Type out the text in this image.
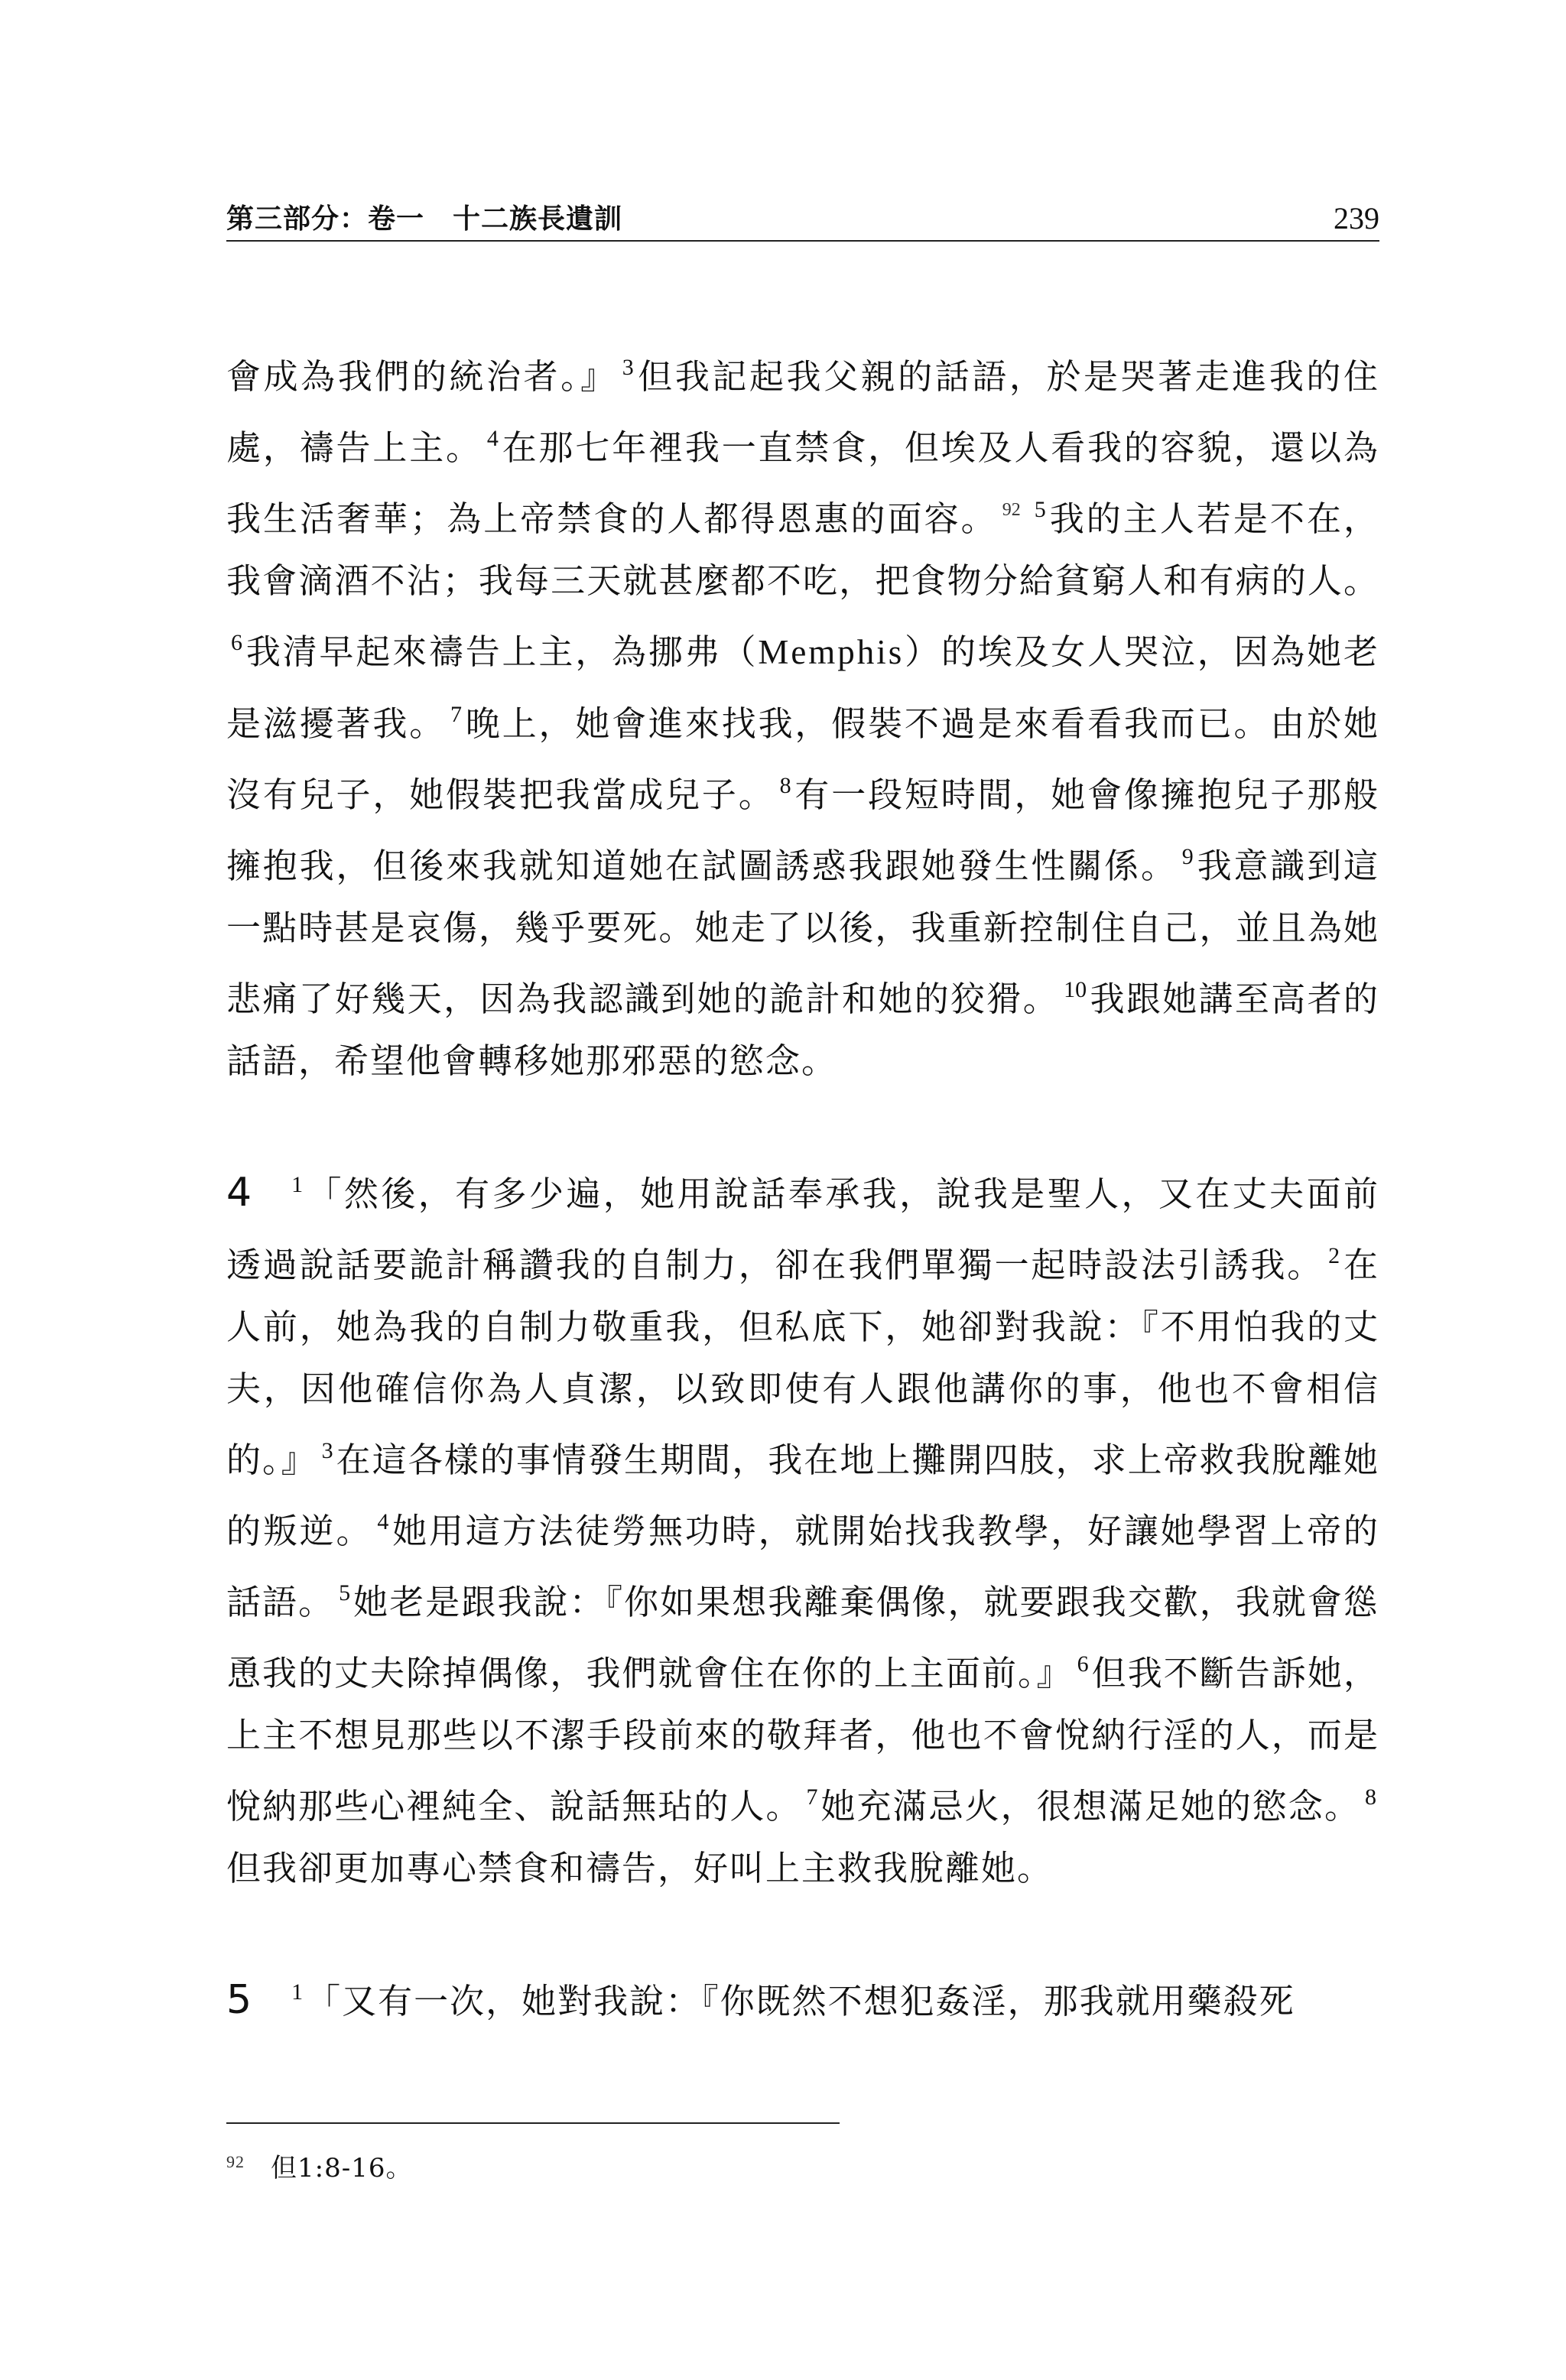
第三部分：卷一　十二族長遺訓	239

會成為我們的統治者。』 $^3$但我記起我父親的話語，於是哭著走進我的住處，禱告上主。 $^4$在那七年裡我一直禁食，但埃及人看我的容貌，還以為我生活奢華；為上帝禁食的人都得恩惠的面容。 $^{92}$ $^5$我的主人若是不在，我會滴酒不沾；我每三天就甚麼都不吃，把食物分給貧窮人和有病的人。$^6$我清早起來禱告上主，為挪弗（Memphis）的埃及女人哭泣，因為她老是滋擾著我。 $^7$晚上，她會進來找我，假裝不過是來看看我而已。由於她沒有兒子，她假裝把我當成兒子。 $^8$有一段短時間，她會像擁抱兒子那般擁抱我，但後來我就知道她在試圖誘惑我跟她發生性關係。 $^9$我意識到這一點時甚是哀傷，幾乎要死。她走了以後，我重新控制住自己，並且為她悲痛了好幾天，因為我認識到她的詭計和她的狡猾。 $^{10}$我跟她講至高者的話語，希望他會轉移她那邪惡的慾念。

4 $^1$「然後，有多少遍，她用說話奉承我，說我是聖人，又在丈夫面前透過說話要詭計稱讚我的自制力，卻在我們單獨一起時設法引誘我。 $^2$在人前，她為我的自制力敬重我，但私底下，她卻對我說：『不用怕我的丈夫，因他確信你為人貞潔，以致即使有人跟他講你的事，他也不會相信的。』 $^3$在這各樣的事情發生期間，我在地上攤開四肢，求上帝救我脫離她的叛逆。 $^4$她用這方法徒勞無功時，就開始找我教學，好讓她學習上帝的話語。 $^5$她老是跟我說：『你如果想我離棄偶像，就要跟我交歡，我就會慫恿我的丈夫除掉偶像，我們就會住在你的上主面前。』 $^6$但我不斷告訴她，上主不想見那些以不潔手段前來的敬拜者，他也不會悅納行淫的人，而是悅納那些心裡純全、說話無玷的人。 $^7$她充滿忌火，很想滿足她的慾念。 $^8$但我卻更加專心禁食和禱告，好叫上主救我脫離她。

5 $^1$「又有一次，她對我說：『你既然不想犯姦淫，那我就用藥殺死

$^{92}$ 但1:8-16。
